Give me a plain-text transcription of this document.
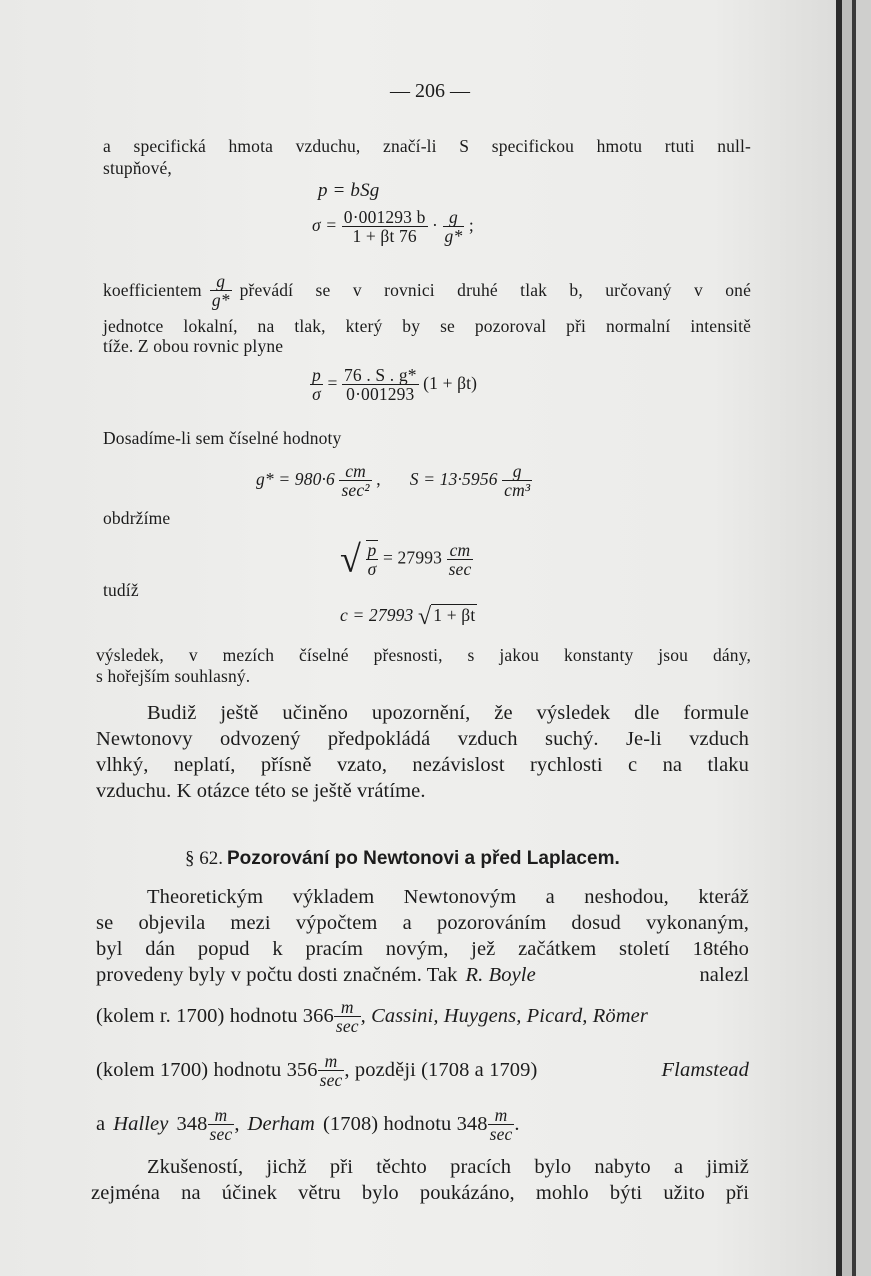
— 206 —
a specifická hmota vzduchu, značí-li S specifickou hmotu rtuti null-
stupňové,
p = bSg
$\sigma = \frac{0\cdot 001293 b}{1 + \beta t 76} \cdot \frac{g}{g*}$ ;
koefficientem $\frac{g}{g*}$ převádí se v rovnici druhé tlak b, určovaný v oné
jednotce lokalní, na tlak, který by se pozoroval při normalní intensitě
tíže. Z obou rovnic plyne
$\frac{p}{\sigma} = \frac{76 . S . g*}{0\cdot 001293} (1 + \beta t)$
Dosadíme-li sem číselné hodnoty
$g* = 980\cdot 6 \frac{cm}{\text{sec²}}$ , $S = 13\cdot 5956 \frac{g}{\text{cm³}}$
obdržíme
√ $\frac{p}{\sigma} = 27993 \frac{cm}{\sec}$
tudíž
c = 27993 √ 1 + βt
výsledek, v mezích číselné přesnosti, s jakou konstanty jsou dány,
s hořejším souhlasný.
Budiž ještě učiněno upozornění, že výsledek dle formule
Newtonovy odvozený předpokládá vzduch suchý. Je-li vzduch
vlhký, neplatí, přísně vzato, nezávislost rychlosti c na tlaku
vzduchu. K otázce této se ještě vrátíme.
§ 62. Pozorování po Newtonovi a před Laplacem.
Theoretickým výkladem Newtonovým a neshodou, kteráž
se objevila mezi výpočtem a pozorováním dosud vykonaným,
byl dán popud k pracím novým, jež začátkem století 18tého
provedeny byly v počtu dosti značném. Tak R. Boyle	nalezl
(kolem r. 1700) hodnotu $366 \frac{m}{\sec}$ , Cassini, Huygens, Picard, Römer
(kolem 1700) hodnotu $356 \frac{m}{\sec}$ , později (1708 a 1709)	Flamstead
a Halley $348 \frac{m}{\sec}$ , Derham (1708) hodnotu $348 \frac{m}{\sec}$ .
Zkušeností, jichž při těchto pracích bylo nabyto a jimiž
zejména na účinek větru bylo poukázáno, mohlo býti užito při
